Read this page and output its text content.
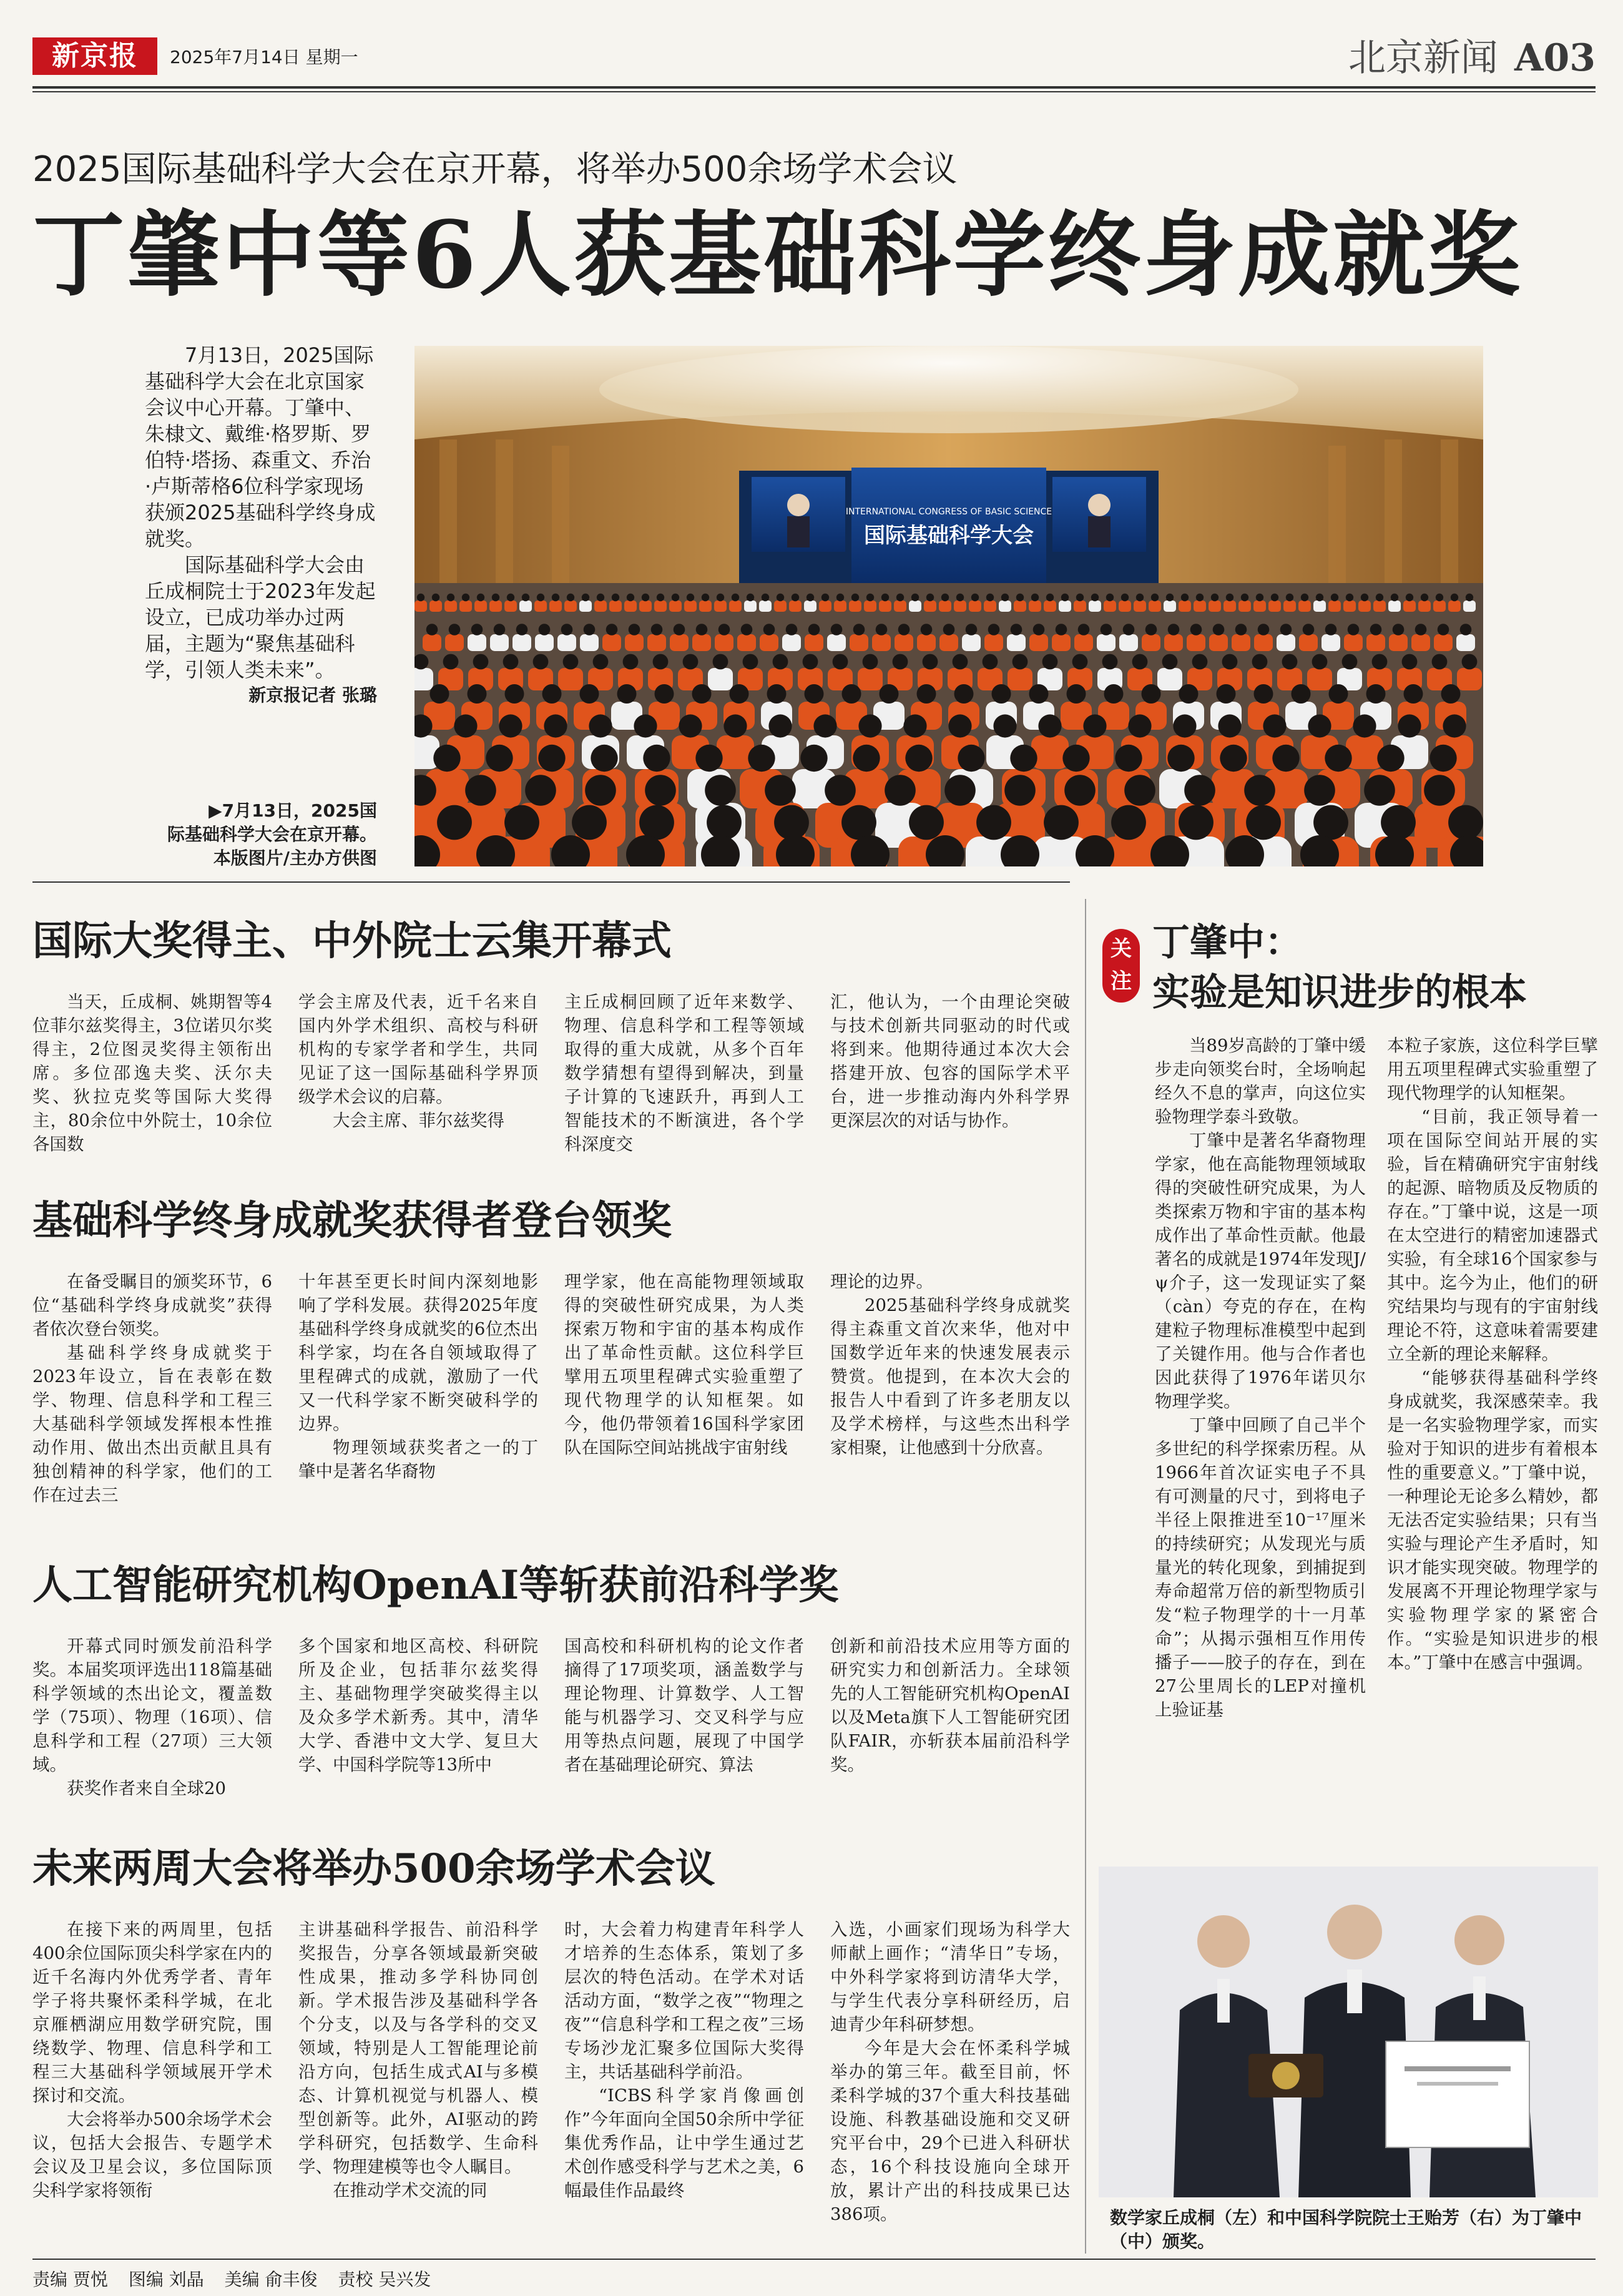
新京报	2025年7月14日 星期一	北京新闻 A03
2025国际基础科学大会在京开幕，将举办500余场学术会议
丁肇中等6人获基础科学终身成就奖

7月13日，2025国际基础科学大会在北京国家会议中心开幕。丁肇中、朱棣文、戴维·格罗斯、罗伯特·塔扬、森重文、乔治·卢斯蒂格6位科学家现场获颁2025基础科学终身成就奖。

国际基础科学大会由丘成桐院士于2023年发起设立，已成功举办过两届，主题为“聚焦基础科学，引领人类未来”。

新京报记者 张璐
▶7月13日，2025国
际基础科学大会在京开幕。
本版图片/主办方供图
INTERNATIONAL CONGRESS OF BASIC SCIENCE
国际基础科学大会
国际大奖得主、中外院士云集开幕式

当天，丘成桐、姚期智等4位菲尔兹奖得主，3位诺贝尔奖得主，2位图灵奖得主领衔出席。多位邵逸夫奖、沃尔夫奖、狄拉克奖等国际大奖得主，80余位中外院士，10余位各国数

学会主席及代表，近千名来自国内外学术组织、高校与科研机构的专家学者和学生，共同见证了这一国际基础科学界顶级学术会议的启幕。

大会主席、菲尔兹奖得

主丘成桐回顾了近年来数学、物理、信息科学和工程等领域取得的重大成就，从多个百年数学猜想有望得到解决，到量子计算的飞速跃升，再到人工智能技术的不断演进，各个学科深度交

汇，他认为，一个由理论突破与技术创新共同驱动的时代或将到来。他期待通过本次大会搭建开放、包容的国际学术平台，进一步推动海内外科学界更深层次的对话与协作。

基础科学终身成就奖获得者登台领奖

在备受瞩目的颁奖环节，6位“基础科学终身成就奖”获得者依次登台领奖。

基础科学终身成就奖于2023年设立，旨在表彰在数学、物理、信息科学和工程三大基础科学领域发挥根本性推动作用、做出杰出贡献且具有独创精神的科学家，他们的工作在过去三

十年甚至更长时间内深刻地影响了学科发展。获得2025年度基础科学终身成就奖的6位杰出科学家，均在各自领域取得了里程碑式的成就，激励了一代又一代科学家不断突破科学的边界。

物理领域获奖者之一的丁肇中是著名华裔物

理学家，他在高能物理领域取得的突破性研究成果，为人类探索万物和宇宙的基本构成作出了革命性贡献。这位科学巨擘用五项里程碑式实验重塑了现代物理学的认知框架。如今，他仍带领着16国科学家团队在国际空间站挑战宇宙射线

理论的边界。

2025基础科学终身成就奖得主森重文首次来华，他对中国数学近年来的快速发展表示赞赏。他提到，在本次大会的报告人中看到了许多老朋友以及学术榜样，与这些杰出科学家相聚，让他感到十分欣喜。

人工智能研究机构OpenAI等斩获前沿科学奖

开幕式同时颁发前沿科学奖。本届奖项评选出118篇基础科学领域的杰出论文，覆盖数学（75项）、物理（16项）、信息科学和工程（27项）三大领域。

获奖作者来自全球20

多个国家和地区高校、科研院所及企业，包括菲尔兹奖得主、基础物理学突破奖得主以及众多学术新秀。其中，清华大学、香港中文大学、复旦大学、中国科学院等13所中

国高校和科研机构的论文作者摘得了17项奖项，涵盖数学与理论物理、计算数学、人工智能与机器学习、交叉科学与应用等热点问题，展现了中国学者在基础理论研究、算法

创新和前沿技术应用等方面的研究实力和创新活力。全球领先的人工智能研究机构OpenAI以及Meta旗下人工智能研究团队FAIR，亦斩获本届前沿科学奖。

未来两周大会将举办500余场学术会议

在接下来的两周里，包括400余位国际顶尖科学家在内的近千名海内外优秀学者、青年学子将共聚怀柔科学城，在北京雁栖湖应用数学研究院，围绕数学、物理、信息科学和工程三大基础科学领域展开学术探讨和交流。

大会将举办500余场学术会议，包括大会报告、专题学术会议及卫星会议，多位国际顶尖科学家将领衔

主讲基础科学报告、前沿科学奖报告，分享各领域最新突破性成果，推动多学科协同创新。学术报告涉及基础科学各个分支，以及与各学科的交叉领域，特别是人工智能理论前沿方向，包括生成式AI与多模态、计算机视觉与机器人、模型创新等。此外，AI驱动的跨学科研究，包括数学、生命科学、物理建模等也令人瞩目。

在推动学术交流的同

时，大会着力构建青年科学人才培养的生态体系，策划了多层次的特色活动。在学术对话活动方面，“数学之夜”“物理之夜”“信息科学和工程之夜”三场专场沙龙汇聚多位国际大奖得主，共话基础科学前沿。

“ICBS科学家肖像画创作”今年面向全国50余所中学征集优秀作品，让中学生通过艺术创作感受科学与艺术之美，6幅最佳作品最终

入选，小画家们现场为科学大师献上画作；“清华日”专场，中外科学家将到访清华大学，与学生代表分享科研经历，启迪青少年科研梦想。

今年是大会在怀柔科学城举办的第三年。截至目前，怀柔科学城的37个重大科技基础设施、科教基础设施和交叉研究平台中，29个已进入科研状态，16个科技设施向全球开放，累计产出的科技成果已达386项。

关注
丁肇中：
实验是知识进步的根本

当89岁高龄的丁肇中缓步走向领奖台时，全场响起经久不息的掌声，向这位实验物理学泰斗致敬。

丁肇中是著名华裔物理学家，他在高能物理领域取得的突破性研究成果，为人类探索万物和宇宙的基本构成作出了革命性贡献。他最著名的成就是1974年发现J/ψ介子，这一发现证实了粲（càn）夸克的存在，在构建粒子物理标准模型中起到了关键作用。他与合作者也因此获得了1976年诺贝尔物理学奖。

丁肇中回顾了自己半个多世纪的科学探索历程。从1966年首次证实电子不具有可测量的尺寸，到将电子半径上限推进至10⁻¹⁷厘米的持续研究；从发现光与质量光的转化现象，到捕捉到寿命超常万倍的新型物质引发“粒子物理学的十一月革命”；从揭示强相互作用传播子——胶子的存在，到在27公里周长的LEP对撞机上验证基

本粒子家族，这位科学巨擘用五项里程碑式实验重塑了现代物理学的认知框架。

“目前，我正领导着一项在国际空间站开展的实验，旨在精确研究宇宙射线的起源、暗物质及反物质的存在。”丁肇中说，这是一项在太空进行的精密加速器式实验，有全球16个国家参与其中。迄今为止，他们的研究结果均与现有的宇宙射线理论不符，这意味着需要建立全新的理论来解释。

“能够获得基础科学终身成就奖，我深感荣幸。我是一名实验物理学家，而实验对于知识的进步有着根本性的重要意义。”丁肇中说，一种理论无论多么精妙，都无法否定实验结果；只有当实验与理论产生矛盾时，知识才能实现突破。物理学的发展离不开理论物理学家与实验物理学家的紧密合作。“实验是知识进步的根本。”丁肇中在感言中强调。

数学家丘成桐（左）和中国科学院院士王贻芳（右）为丁肇中（中）颁奖。
责编 贾悦 图编 刘晶 美编 俞丰俊 责校 吴兴发
